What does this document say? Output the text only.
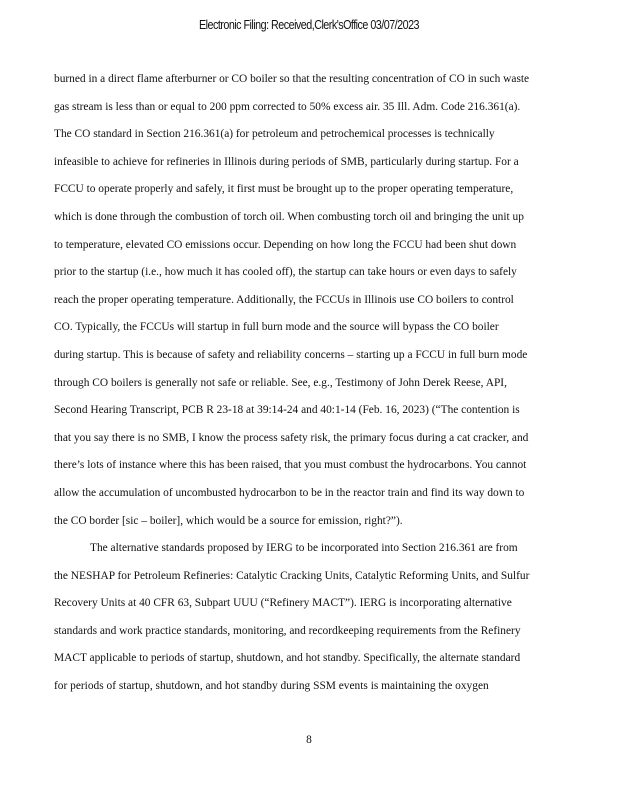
Electronic Filing: Received,Clerk'sOffice 03/07/2023
burned in a direct flame afterburner or CO boiler so that the resulting concentration of CO in such waste
gas stream is less than or equal to 200 ppm corrected to 50% excess air. 35 Ill. Adm. Code 216.361(a).
The CO standard in Section 216.361(a) for petroleum and petrochemical processes is technically
infeasible to achieve for refineries in Illinois during periods of SMB, particularly during startup. For a
FCCU to operate properly and safely, it first must be brought up to the proper operating temperature,
which is done through the combustion of torch oil. When combusting torch oil and bringing the unit up
to temperature, elevated CO emissions occur. Depending on how long the FCCU had been shut down
prior to the startup (i.e., how much it has cooled off), the startup can take hours or even days to safely
reach the proper operating temperature. Additionally, the FCCUs in Illinois use CO boilers to control
CO. Typically, the FCCUs will startup in full burn mode and the source will bypass the CO boiler
during startup. This is because of safety and reliability concerns – starting up a FCCU in full burn mode
through CO boilers is generally not safe or reliable. See, e.g., Testimony of John Derek Reese, API,
Second Hearing Transcript, PCB R 23-18 at 39:14-24 and 40:1-14 (Feb. 16, 2023) (“The contention is
that you say there is no SMB, I know the process safety risk, the primary focus during a cat cracker, and
there’s lots of instance where this has been raised, that you must combust the hydrocarbons. You cannot
allow the accumulation of uncombusted hydrocarbon to be in the reactor train and find its way down to
the CO border [sic – boiler], which would be a source for emission, right?”).
The alternative standards proposed by IERG to be incorporated into Section 216.361 are from
the NESHAP for Petroleum Refineries: Catalytic Cracking Units, Catalytic Reforming Units, and Sulfur
Recovery Units at 40 CFR 63, Subpart UUU (“Refinery MACT”). IERG is incorporating alternative
standards and work practice standards, monitoring, and recordkeeping requirements from the Refinery
MACT applicable to periods of startup, shutdown, and hot standby. Specifically, the alternate standard
for periods of startup, shutdown, and hot standby during SSM events is maintaining the oxygen
8
